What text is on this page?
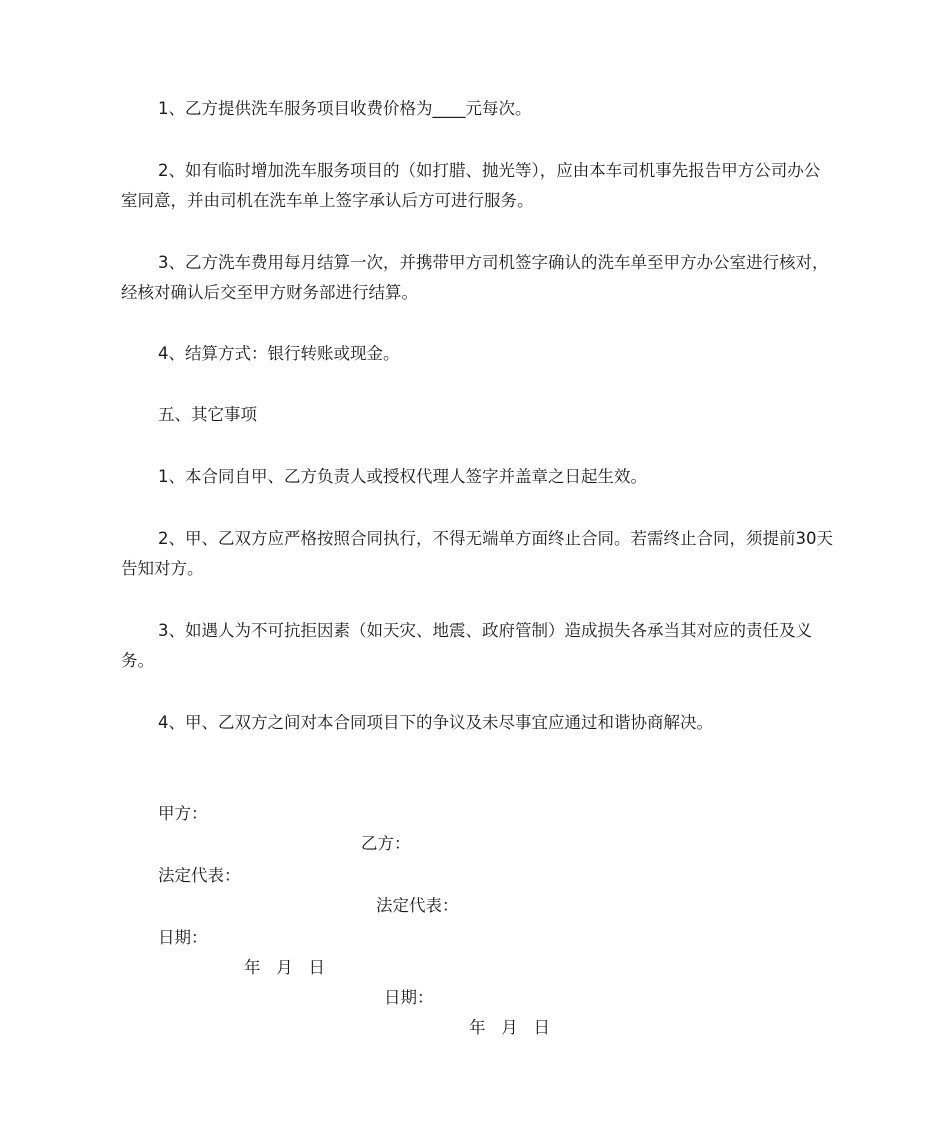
1、乙方提供洗车服务项目收费价格为____元每次。

2、如有临时增加洗车服务项目的（如打腊、抛光等），应由本车司机事先报告甲方公司办公室同意，并由司机在洗车单上签字承认后方可进行服务。

3、乙方洗车费用每月结算一次，并携带甲方司机签字确认的洗车单至甲方办公室进行核对，经核对确认后交至甲方财务部进行结算。

4、结算方式：银行转账或现金。

五、其它事项

1、本合同自甲、乙方负责人或授权代理人签字并盖章之日起生效。

2、甲、乙双方应严格按照合同执行，不得无端单方面终止合同。若需终止合同，须提前30天告知对方。

3、如遇人为不可抗拒因素（如天灾、地震、政府管制）造成损失各承当其对应的责任及义务。

4、甲、乙双方之间对本合同项目下的争议及未尽事宜应通过和谐协商解决。

甲方：

乙方：

法定代表：

法定代表：

日期：

年   月   日

日期：

年   月   日
